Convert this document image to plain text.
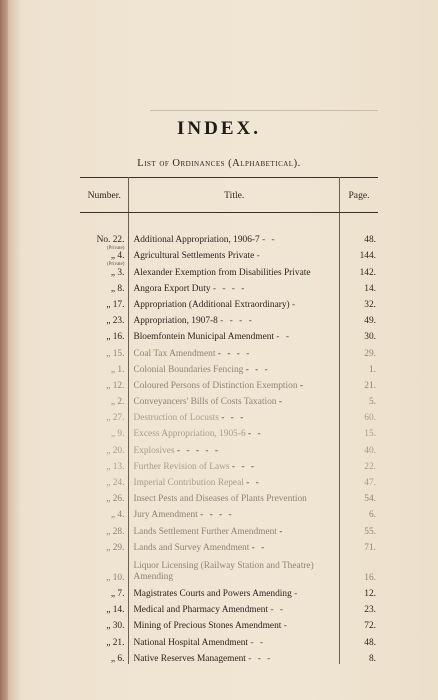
INDEX.
List of Ordinances (Alphabetical).
Number.	Title.	Page.

No. 22.	Additional Appropriation, 1906-7 - -	48.

(Private)
„ 4.	Agricultural Settlements Private -	144.

(Private)
„ 3.	Alexander Exemption from Disabilities Private	142.
„ 8.	Angora Export Duty - - - -	14.
„ 17.	Appropriation (Additional Extraordinary) -	32.
„ 23.	Appropriation, 1907-8 - - - -	49.
„ 16.	Bloemfontein Municipal Amendment - -	30.
„ 15.	Coal Tax Amendment - - - -	29.
„ 1.	Colonial Boundaries Fencing - - -	1.
„ 12.	Coloured Persons of Distinction Exemption -	21.
„ 2.	Conveyancers' Bills of Costs Taxation -	5.
„ 27.	Destruction of Locusts - - -	60.
„ 9.	Excess Appropriation, 1905-6 - -	15.
„ 20.	Explosives - - - - -	40.
„ 13.	Further Revision of Laws - - -	22.
„ 24.	Imperial Contribution Repeal - -	47.
„ 26.	Insect Pests and Diseases of Plants Prevention	54.
„ 4.	Jury Amendment - - - -	6.
„ 28.	Lands Settlement Further Amendment -	55.
„ 29.	Lands and Survey Amendment - -	71.
„ 10.	Liquor Licensing (Railway Station and Theatre) Amending	16.
„ 7.	Magistrates Courts and Powers Amending -	12.
„ 14.	Medical and Pharmacy Amendment - -	23.
„ 30.	Mining of Precious Stones Amendment -	72.
„ 21.	National Hospital Amendment - -	48.
„ 6.	Native Reserves Management - - -	8.
